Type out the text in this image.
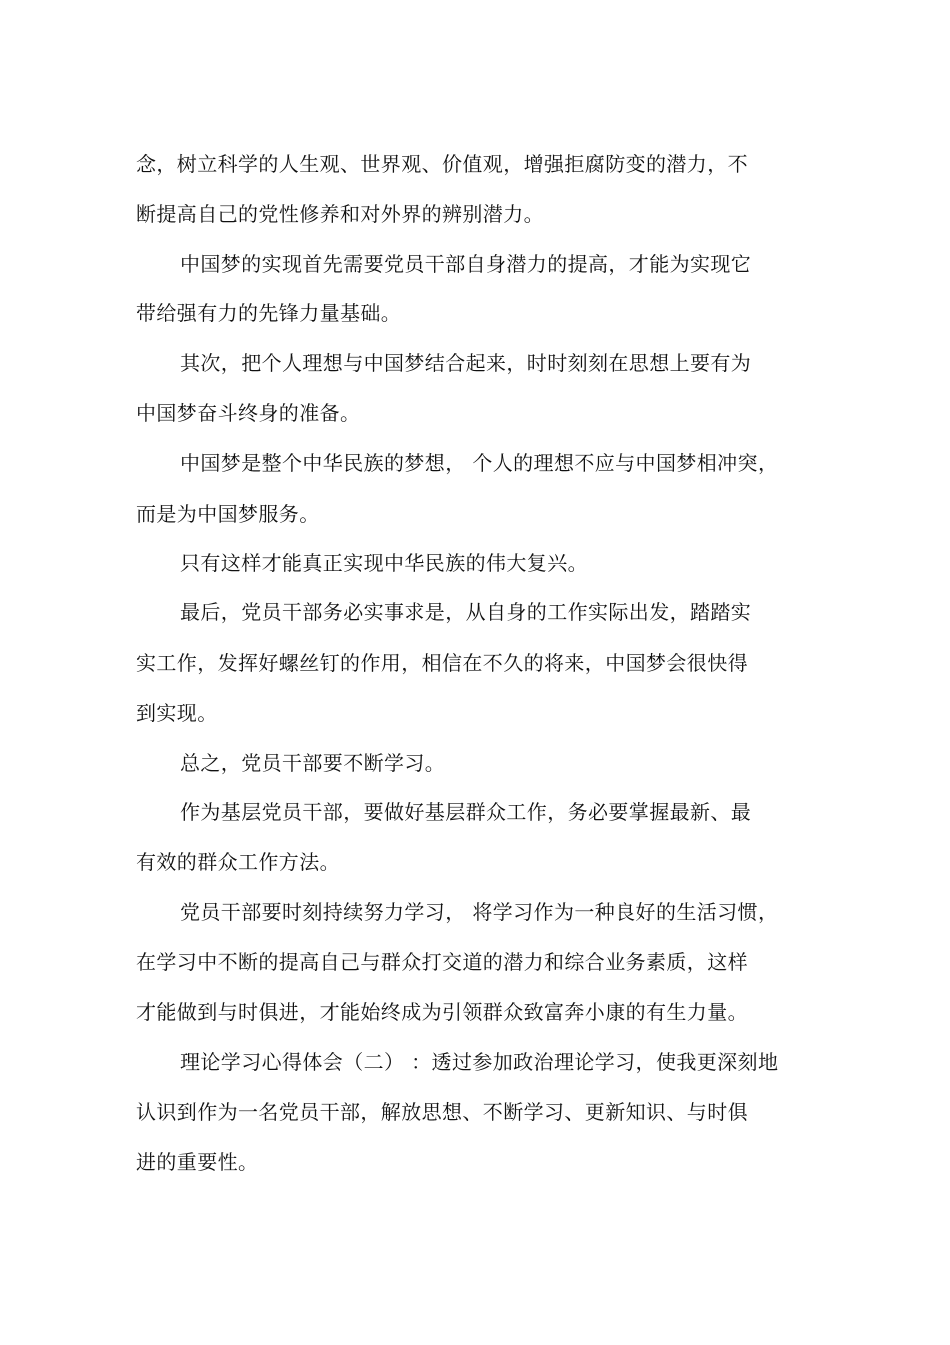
念，树立科学的人生观、世界观、价值观，增强拒腐防变的潜力，不
断提高自己的党性修养和对外界的辨别潜力。
中国梦的实现首先需要党员干部自身潜力的提高，才能为实现它
带给强有力的先锋力量基础。
其次，把个人理想与中国梦结合起来，时时刻刻在思想上要有为
中国梦奋斗终身的准备。
中国梦是整个中华民族的梦想， 个人的理想不应与中国梦相冲突，
而是为中国梦服务。
只有这样才能真正实现中华民族的伟大复兴。
最后，党员干部务必实事求是，从自身的工作实际出发，踏踏实
实工作，发挥好螺丝钉的作用，相信在不久的将来，中国梦会很快得
到实现。
总之，党员干部要不断学习。
作为基层党员干部，要做好基层群众工作，务必要掌握最新、最
有效的群众工作方法。
党员干部要时刻持续努力学习， 将学习作为一种良好的生活习惯，
在学习中不断的提高自己与群众打交道的潜力和综合业务素质，这样
才能做到与时俱进，才能始终成为引领群众致富奔小康的有生力量。
理论学习心得体会（二） ：透过参加政治理论学习，使我更深刻地
认识到作为一名党员干部，解放思想、不断学习、更新知识、与时俱
进的重要性。
